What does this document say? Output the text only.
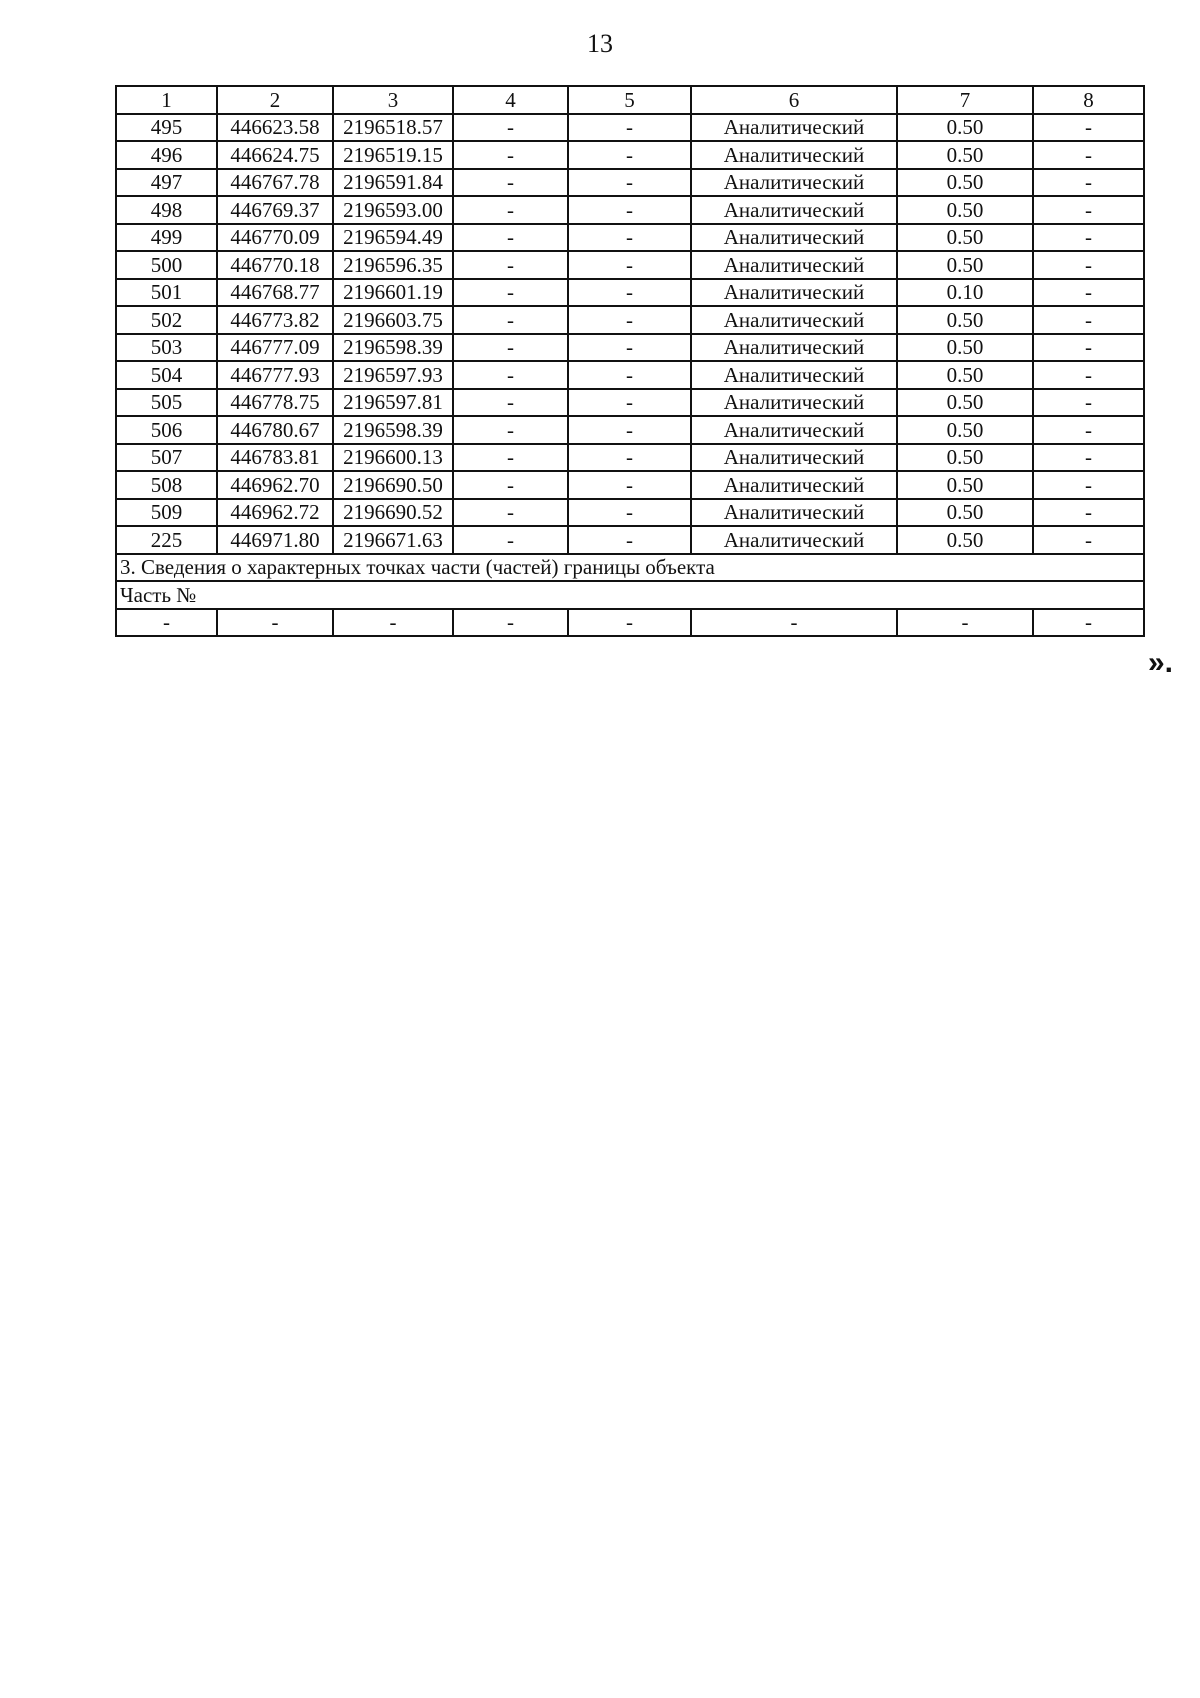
13
1	2	3	4	5	6	7	8
495	446623.58	2196518.57	-	-	Аналитический	0.50	-
496	446624.75	2196519.15	-	-	Аналитический	0.50	-
497	446767.78	2196591.84	-	-	Аналитический	0.50	-
498	446769.37	2196593.00	-	-	Аналитический	0.50	-
499	446770.09	2196594.49	-	-	Аналитический	0.50	-
500	446770.18	2196596.35	-	-	Аналитический	0.50	-
501	446768.77	2196601.19	-	-	Аналитический	0.10	-
502	446773.82	2196603.75	-	-	Аналитический	0.50	-
503	446777.09	2196598.39	-	-	Аналитический	0.50	-
504	446777.93	2196597.93	-	-	Аналитический	0.50	-
505	446778.75	2196597.81	-	-	Аналитический	0.50	-
506	446780.67	2196598.39	-	-	Аналитический	0.50	-
507	446783.81	2196600.13	-	-	Аналитический	0.50	-
508	446962.70	2196690.50	-	-	Аналитический	0.50	-
509	446962.72	2196690.52	-	-	Аналитический	0.50	-
225	446971.80	2196671.63	-	-	Аналитический	0.50	-
3. Сведения о характерных точках части (частей) границы объекта							
Часть №							
-	-	-	-	-	-	-	-
».
